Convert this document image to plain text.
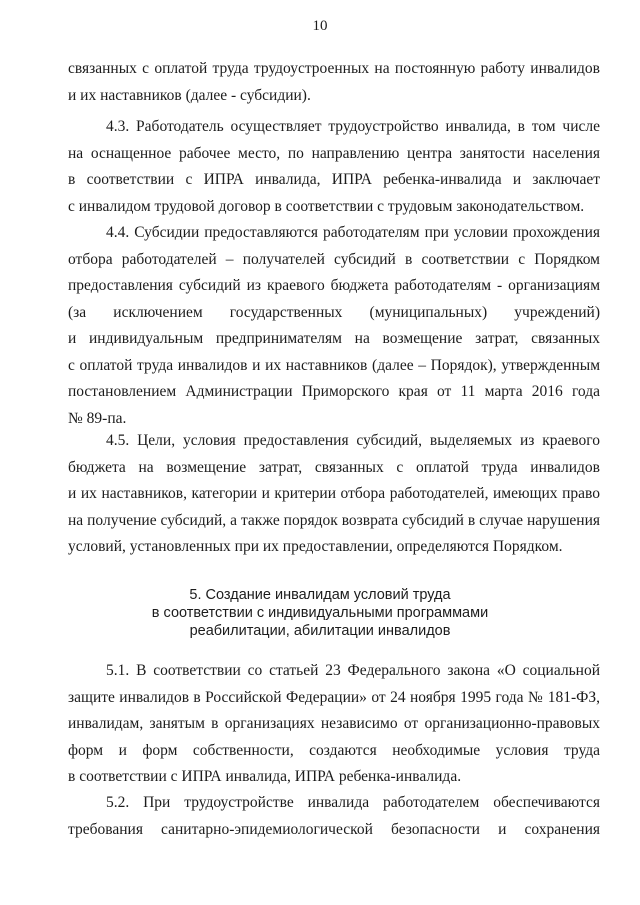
10
связанных с оплатой труда трудоустроенных на постоянную работу инвалидов
и их наставников (далее - субсидии).
4.3. Работодатель осуществляет трудоустройство инвалида, в том числе
на оснащенное рабочее место, по направлению центра занятости населения
в соответствии с ИПРА инвалида, ИПРА ребенка-инвалида и заключает
с инвалидом трудовой договор в соответствии с трудовым законодательством.
4.4. Субсидии предоставляются работодателям при условии прохождения
отбора работодателей – получателей субсидий в соответствии с Порядком
предоставления субсидий из краевого бюджета работодателям - организациям
(за исключением государственных (муниципальных) учреждений)
и индивидуальным предпринимателям на возмещение затрат, связанных
с оплатой труда инвалидов и их наставников (далее – Порядок), утвержденным
постановлением Администрации Приморского края от 11 марта 2016 года
№ 89-па.
4.5. Цели, условия предоставления субсидий, выделяемых из краевого
бюджета на возмещение затрат, связанных с оплатой труда инвалидов
и их наставников, категории и критерии отбора работодателей, имеющих право
на получение субсидий, а также порядок возврата субсидий в случае нарушения
условий, установленных при их предоставлении, определяются Порядком.
5. Создание инвалидам условий труда
в соответствии с индивидуальными программами
реабилитации, абилитации инвалидов
5.1. В соответствии со статьей 23 Федерального закона «О социальной
защите инвалидов в Российской Федерации» от 24 ноября 1995 года № 181-ФЗ,
инвалидам, занятым в организациях независимо от организационно-правовых
форм и форм собственности, создаются необходимые условия труда
в соответствии с ИПРА инвалида, ИПРА ребенка-инвалида.
5.2. При трудоустройстве инвалида работодателем обеспечиваются
требования санитарно-эпидемиологической безопасности и сохранения
